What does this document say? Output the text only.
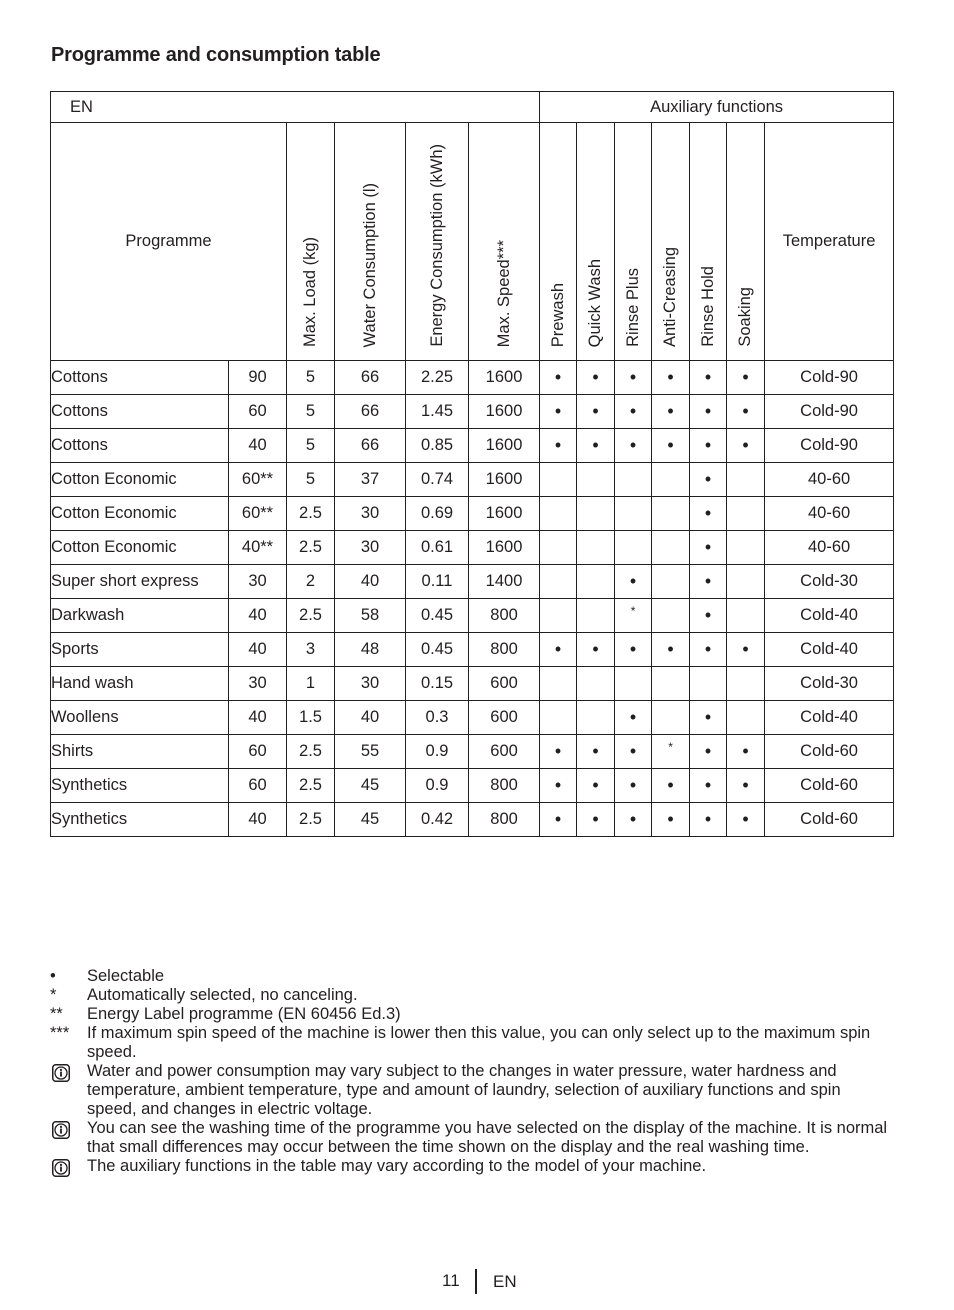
Programme and consumption table
EN						Auxiliary functions						
Programme		Max. Load (kg)	Water Consumption (l)	Energy Consumption (kWh)	Max. Speed***	Prewash	Quick Wash	Rinse Plus	Anti-Creasing	Rinse Hold	Soaking	Temperature
Cottons	90	5	66	2.25	1600	•	•	•	•	•	•	Cold-90
Cottons	60	5	66	1.45	1600	•	•	•	•	•	•	Cold-90
Cottons	40	5	66	0.85	1600	•	•	•	•	•	•	Cold-90
Cotton Economic	60**	5	37	0.74	1600					•		40-60
Cotton Economic	60**	2.5	30	0.69	1600					•		40-60
Cotton Economic	40**	2.5	30	0.61	1600					•		40-60
Super short express	30	2	40	0.11	1400			•		•		Cold-30
Darkwash	40	2.5	58	0.45	800			*		•		Cold-40
Sports	40	3	48	0.45	800	•	•	•	•	•	•	Cold-40
Hand wash	30	1	30	0.15	600							Cold-30
Woollens	40	1.5	40	0.3	600			•		•		Cold-40
Shirts	60	2.5	55	0.9	600	•	•	•	*	•	•	Cold-60
Synthetics	60	2.5	45	0.9	800	•	•	•	•	•	•	Cold-60
Synthetics	40	2.5	45	0.42	800	•	•	•	•	•	•	Cold-60
•	Selectable
*	Automatically selected, no canceling.
**	Energy Label programme (EN 60456 Ed.3)
***	If maximum spin speed of the machine is lower then this value, you can only select up to the maximum spin speed.
Water and power consumption may vary subject to the changes in water pressure, water hardness and temperature, ambient temperature, type and amount of laundry, selection of auxiliary functions and spin speed, and changes in electric voltage.
You can see the washing time of the programme you have selected on the display of the machine. It is normal that small differences may occur between the time shown on the display and the real washing time.
The auxiliary functions in the table may vary according to the model of your machine.
11 EN
